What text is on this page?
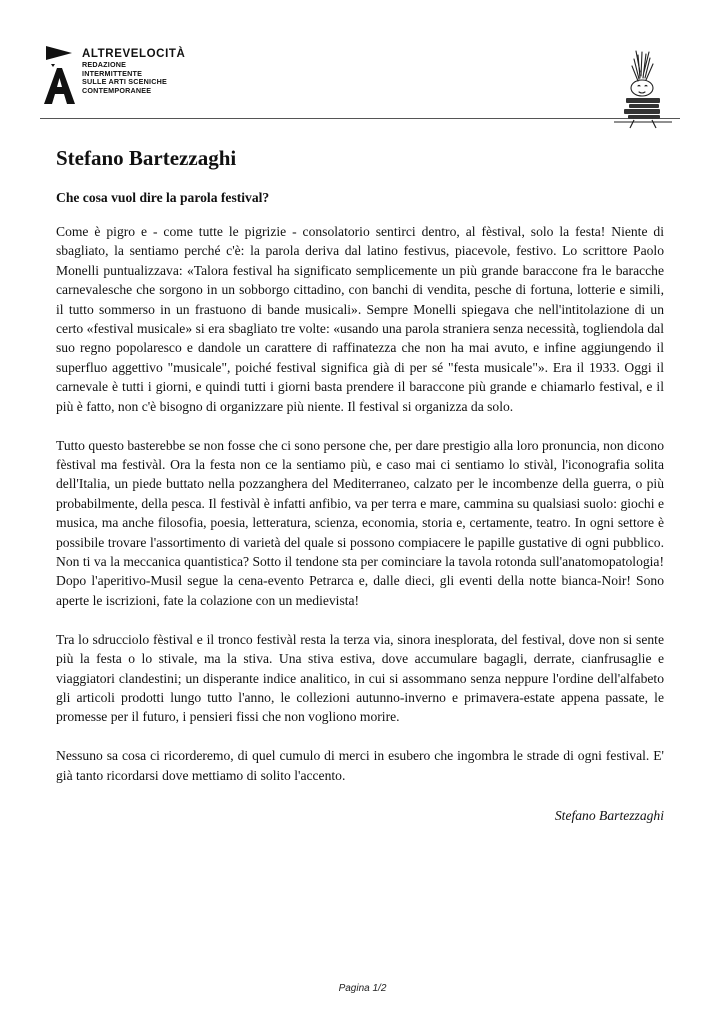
ALTREVELOCITÀ
REDAZIONE
INTERMITTENTE
SULLE ARTI SCENICHE
CONTEMPORANEE
Stefano Bartezzaghi
Che cosa vuol dire la parola festival?

Come è pigro e - come tutte le pigrizie - consolatorio sentirci dentro, al fèstival, solo la festa! Niente di sbagliato, la sentiamo perché c'è: la parola deriva dal latino festivus, piacevole, festivo. Lo scrittore Paolo Monelli puntualizzava: «Talora festival ha significato semplicemente un più grande baraccone fra le baracche carnevalesche che sorgono in un sobborgo cittadino, con banchi di vendita, pesche di fortuna, lotterie e simili, il tutto sommerso in un frastuono di bande musicali». Sempre Monelli spiegava che nell'intitolazione di un certo «festival musicale» si era sbagliato tre volte: «usando una parola straniera senza necessità, togliendola dal suo regno popolaresco e dandole un carattere di raffinatezza che non ha mai avuto, e infine aggiungendo il superfluo aggettivo "musicale", poiché festival significa già di per sé "festa musicale"». Era il 1933. Oggi il carnevale è tutti i giorni, e quindi tutti i giorni basta prendere il baraccone più grande e chiamarlo festival, e il più è fatto, non c'è bisogno di organizzare più niente. Il festival si organizza da solo.

Tutto questo basterebbe se non fosse che ci sono persone che, per dare prestigio alla loro pronuncia, non dicono fèstival ma festivàl. Ora la festa non ce la sentiamo più, e caso mai ci sentiamo lo stivàl, l'iconografia solita dell'Italia, un piede buttato nella pozzanghera del Mediterraneo, calzato per le incombenze della guerra, o più probabilmente, della pesca. Il festivàl è infatti anfibio, va per terra e mare, cammina su qualsiasi suolo: giochi e musica, ma anche filosofia, poesia, letteratura, scienza, economia, storia e, certamente, teatro. In ogni settore è possibile trovare l'assortimento di varietà del quale si possono compiacere le papille gustative di ogni pubblico. Non ti va la meccanica quantistica? Sotto il tendone sta per cominciare la tavola rotonda sull'anatomopatologia! Dopo l'aperitivo-Musil segue la cena-evento Petrarca e, dalle dieci, gli eventi della notte bianca-Noir! Sono aperte le iscrizioni, fate la colazione con un medievista!

Tra lo sdrucciolo fèstival e il tronco festivàl resta la terza via, sinora inesplorata, del festival, dove non si sente più la festa o lo stivale, ma la stiva. Una stiva estiva, dove accumulare bagagli, derrate, cianfrusaglie e viaggiatori clandestini; un disperante indice analitico, in cui si assommano senza neppure l'ordine dell'alfabeto gli articoli prodotti lungo tutto l'anno, le collezioni autunno-inverno e primavera-estate appena passate, le promesse per il futuro, i pensieri fissi che non vogliono morire.

Nessuno sa cosa ci ricorderemo, di quel cumulo di merci in esubero che ingombra le strade di ogni festival. E' già tanto ricordarsi dove mettiamo di solito l'accento.

Stefano Bartezzaghi
Pagina 1/2
